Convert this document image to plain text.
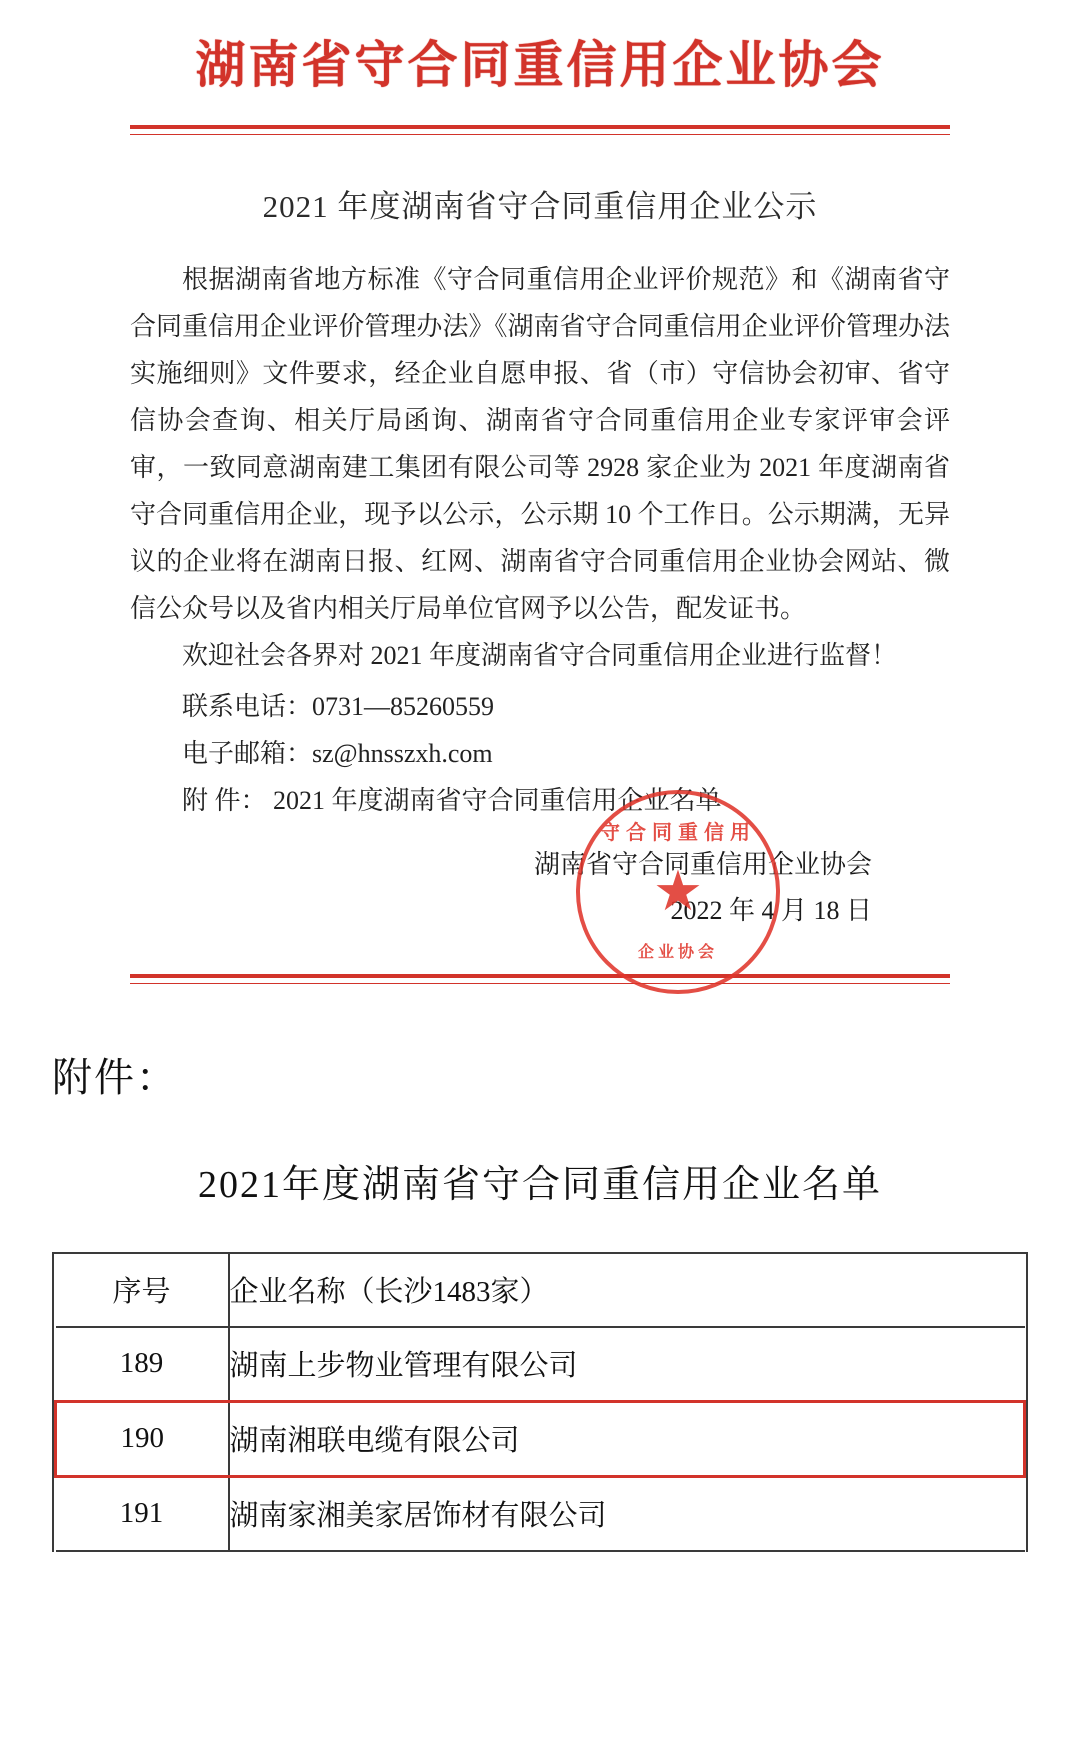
湖南省守合同重信用企业协会
2021 年度湖南省守合同重信用企业公示

根据湖南省地方标准《守合同重信用企业评价规范》和《湖南省守合同重信用企业评价管理办法》《湖南省守合同重信用企业评价管理办法实施细则》文件要求，经企业自愿申报、省（市）守信协会初审、省守信协会查询、相关厅局函询、湖南省守合同重信用企业专家评审会评审，一致同意湖南建工集团有限公司等 2928 家企业为 2021 年度湖南省守合同重信用企业，现予以公示，公示期 10 个工作日。公示期满，无异议的企业将在湖南日报、红网、湖南省守合同重信用企业协会网站、微信公众号以及省内相关厅局单位官网予以公告，配发证书。

欢迎社会各界对 2021 年度湖南省守合同重信用企业进行监督！

联系电话：0731—85260559

电子邮箱：sz@hnsszxh.com

附 件： 2021 年度湖南省守合同重信用企业名单

守合同重信用
★
企业协会
湖南省守合同重信用企业协会
2022 年 4 月 18 日
附件：
2021年度湖南省守合同重信用企业名单
序号	企业名称（长沙1483家）
189	湖南上步物业管理有限公司
190	湖南湘联电缆有限公司
191	湖南家湘美家居饰材有限公司
